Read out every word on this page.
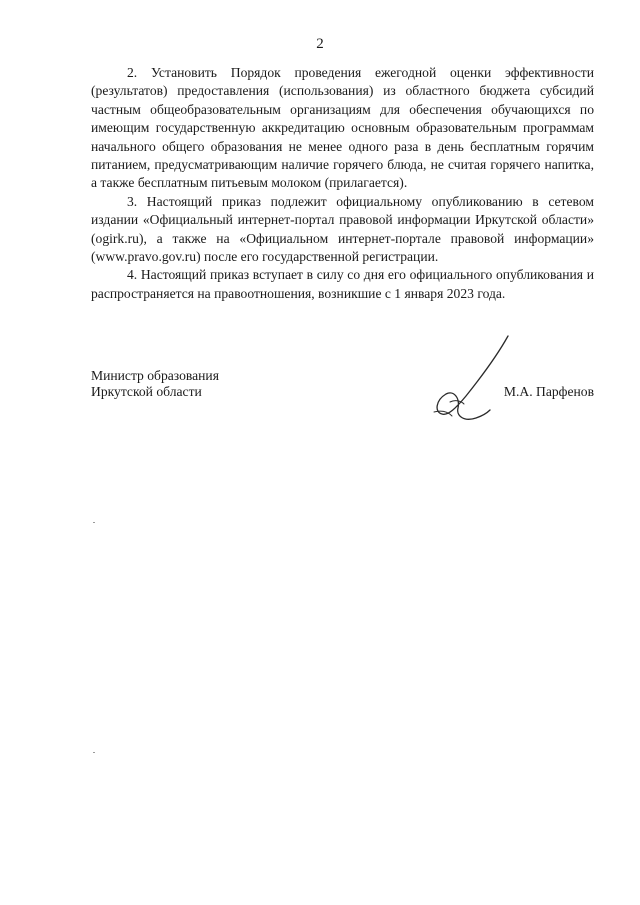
2

2. Установить Порядок проведения ежегодной оценки эффективности (результатов) предоставления (использования) из областного бюджета субсидий частным общеобразовательным организациям для обеспечения обучающихся по имеющим государственную аккредитацию основным образовательным программам начального общего образования не менее одного раза в день бесплатным горячим питанием, предусматривающим наличие горячего блюда, не считая горячего напитка, а также бесплатным питьевым молоком (прилагается).

3. Настоящий приказ подлежит официальному опубликованию в сетевом издании «Официальный интернет-портал правовой информации Иркутской области» (ogirk.ru), а также на «Официальном интернет-портале правовой информации» (www.pravo.gov.ru) после его государственной регистрации.

4. Настоящий приказ вступает в силу со дня его официального опубликования и распространяется на правоотношения, возникшие с 1 января 2023 года.

Министр образования
Иркутской области	М.А. Парфенов
